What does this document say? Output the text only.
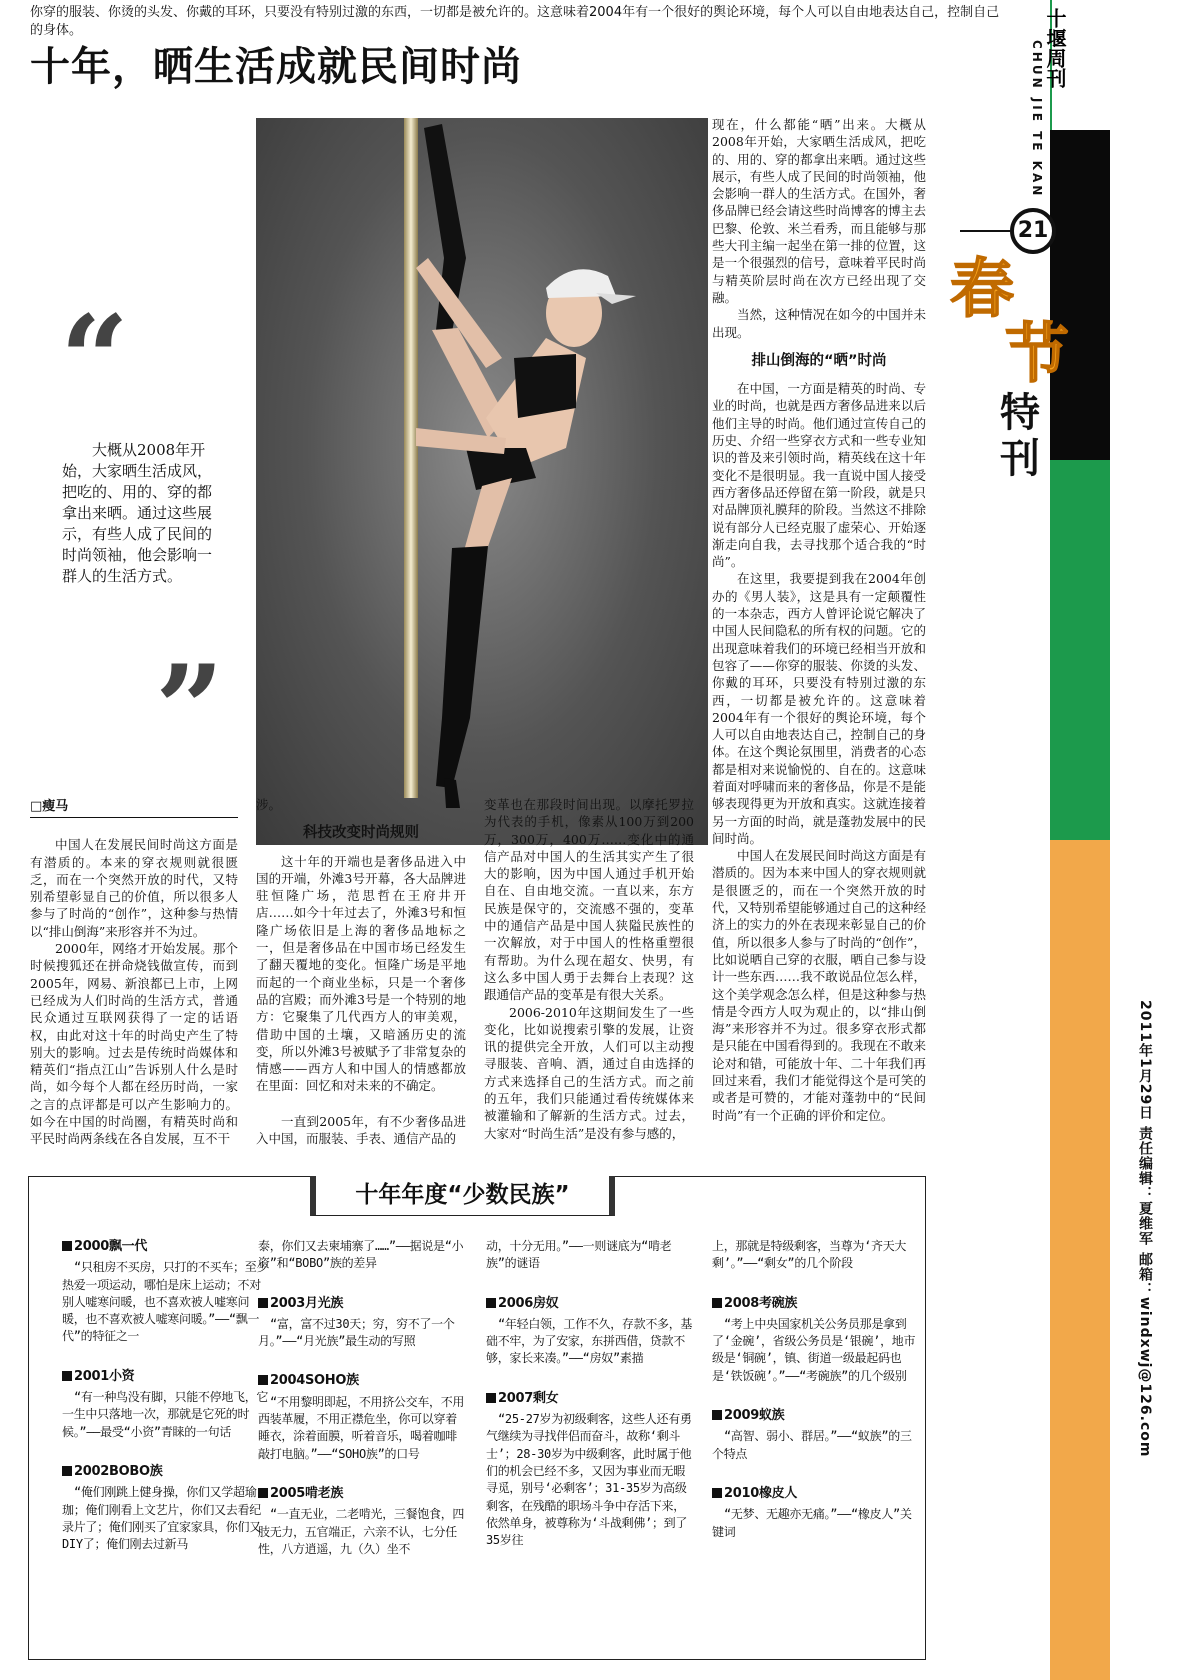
你穿的服装、你烫的头发、你戴的耳环，只要没有特别过激的东西，一切都是被允许的。这意味着2004年有一个很好的舆论环境，每个人可以自由地表达自己，控制自己的身体。
十年，晒生活成就民间时尚
“

大概从2008年开始，大家晒生活成风，把吃的、用的、穿的都拿出来晒。通过这些展示，有些人成了民间的时尚领袖，他会影响一群人的生活方式。

”
□瘦马

中国人在发展民间时尚这方面是有潜质的。本来的穿衣规则就很匮乏，而在一个突然开放的时代，又特别希望彰显自己的价值，所以很多人参与了时尚的“创作”，这种参与热情以“排山倒海”来形容并不为过。

2000年，网络才开始发展。那个时候搜狐还在拼命烧钱做宣传，而到2005年，网易、新浪都已上市，上网已经成为人们时尚的生活方式，普通民众通过互联网获得了一定的话语权，由此对这十年的时尚史产生了特别大的影响。过去是传统时尚媒体和精英们“指点江山”告诉别人什么是时尚，如今每个人都在经历时尚，一家之言的点评都是可以产生影响力的。如今在中国的时尚圈，有精英时尚和平民时尚两条线在各自发展，互不干

涉。

科技改变时尚规则

这十年的开端也是奢侈品进入中国的开端，外滩3号开幕，各大品牌进驻恒隆广场，范思哲在王府井开店……如今十年过去了，外滩3号和恒隆广场依旧是上海的奢侈品地标之一，但是奢侈品在中国市场已经发生了翻天覆地的变化。恒隆广场是平地而起的一个商业坐标，只是一个奢侈品的宫殿；而外滩3号是一个特别的地方：它聚集了几代西方人的审美观，借助中国的土壤，又暗涵历史的流变，所以外滩3号被赋予了非常复杂的情感——西方人和中国人的情感都放在里面：回忆和对未来的不确定。

一直到2005年，有不少奢侈品进入中国，而服装、手表、通信产品的

变革也在那段时间出现。以摩托罗拉为代表的手机，像素从100万到200万，300万，400万……变化中的通信产品对中国人的生活其实产生了很大的影响，因为中国人通过手机开始自在、自由地交流。一直以来，东方民族是保守的，交流感不强的，变革中的通信产品是中国人狭隘民族性的一次解放，对于中国人的性格重塑很有帮助。为什么现在超女、快男，有这么多中国人勇于去舞台上表现？这跟通信产品的变革是有很大关系。

2006-2010年这期间发生了一些变化，比如说搜索引擎的发展，让资讯的提供完全开放，人们可以主动搜寻服装、音响、酒，通过自由选择的方式来选择自己的生活方式。而之前的五年，我们只能通过看传统媒体来被灌输和了解新的生活方式。过去，大家对“时尚生活”是没有参与感的，

现在，什么都能“晒”出来。大概从2008年开始，大家晒生活成风，把吃的、用的、穿的都拿出来晒。通过这些展示，有些人成了民间的时尚领袖，他会影响一群人的生活方式。在国外，奢侈品牌已经会请这些时尚博客的博主去巴黎、伦敦、米兰看秀，而且能够与那些大刊主编一起坐在第一排的位置，这是一个很强烈的信号，意味着平民时尚与精英阶层时尚在次方已经出现了交融。

当然，这种情况在如今的中国并未出现。

排山倒海的“晒”时尚

在中国，一方面是精英的时尚、专业的时尚，也就是西方奢侈品进来以后他们主导的时尚。他们通过宣传自己的历史、介绍一些穿衣方式和一些专业知识的普及来引领时尚，精英线在这十年变化不是很明显。我一直说中国人接受西方奢侈品还停留在第一阶段，就是只对品牌顶礼膜拜的阶段。当然这不排除说有部分人已经克服了虚荣心、开始逐渐走向自我，去寻找那个适合我的“时尚”。

在这里，我要提到我在2004年创办的《男人装》，这是具有一定颠覆性的一本杂志，西方人曾评论说它解决了中国人民间隐私的所有权的问题。它的出现意味着我们的环境已经相当开放和包容了——你穿的服装、你烫的头发、你戴的耳环，只要没有特别过激的东西，一切都是被允许的。这意味着2004年有一个很好的舆论环境，每个人可以自由地表达自己，控制自己的身体。在这个舆论氛围里，消费者的心态都是相对来说愉悦的、自在的。这意味着面对呼啸而来的奢侈品，你是不是能够表现得更为开放和真实。这就连接着另一方面的时尚，就是蓬勃发展中的民间时尚。

中国人在发展民间时尚这方面是有潜质的。因为本来中国人的穿衣规则就是很匮乏的，而在一个突然开放的时代，又特别希望能够通过自己的这种经济上的实力的外在表现来彰显自己的价值，所以很多人参与了时尚的“创作”，比如说晒自己穿的衣服，晒自己参与设计一些东西……我不敢说品位怎么样，这个美学观念怎么样，但是这种参与热情是令西方人叹为观止的，以“排山倒海”来形容并不为过。很多穿衣形式都是只能在中国看得到的。我现在不敢来论对和错，可能放十年、二十年我们再回过来看，我们才能觉得这个是可笑的或者是可赞的，才能对蓬勃中的“民间时尚”有一个正确的评价和定位。

十堰周刊
CHUN JIE TE KAN
21
春
节
特刊
2011年1月29日 责任编辑：夏维军 邮箱：windxwj@126.com
十年年度“少数民族”
2000飘一代

“只租房不买房，只打的不买车；至少热爱一项运动，哪怕是床上运动；不对别人嘘寒问暖，也不喜欢被人嘘寒问暖，也不喜欢被人嘘寒问暖。”——“飘一代”的特征之一

2001小资

“有一种鸟没有脚，只能不停地飞，它一生中只落地一次，那就是它死的时候。”——最受“小资”青睐的一句话

2002BOBO族

“俺们刚跳上健身操，你们又学超瑜珈；俺们刚看上文艺片，你们又去看纪录片了；俺们刚买了宜家家具，你们又DIY了；俺们刚去过新马

泰，你们又去柬埔寨了……”——据说是“小资”和“BOBO”族的差异

2003月光族

“富，富不过30天；穷，穷不了一个月。”——“月光族”最生动的写照

2004SOHO族

“不用黎明即起，不用挤公交车，不用西装革履，不用正襟危坐，你可以穿着睡衣，涂着面膜，听着音乐，喝着咖啡敲打电脑。”——“SOHO族”的口号

2005啃老族

“一直无业，二老啃光，三餐饱食，四肢无力，五官端正，六亲不认，七分任性，八方逍遥，九（久）坐不

动，十分无用。”——一则谜底为“啃老族”的谜语

2006房奴

“年轻白领，工作不久，存款不多，基础不牢，为了安家，东拼西借，贷款不够，家长来凑。”——“房奴”素描

2007剩女

“25-27岁为初级剩客，这些人还有勇气继续为寻找伴侣而奋斗，故称‘剩斗士’；28-30岁为中级剩客，此时属于他们的机会已经不多，又因为事业而无暇寻觅，别号‘必剩客’；31-35岁为高级剩客，在残酷的职场斗争中存活下来，依然单身，被尊称为‘斗战剩佛’；到了35岁往

上，那就是特级剩客，当尊为‘齐天大剩’。”——“剩女”的几个阶段

2008考碗族

“考上中央国家机关公务员那是拿到了‘金碗’，省级公务员是‘银碗’，地市级是‘铜碗’，镇、街道一级最起码也是‘铁饭碗’。”——“考碗族”的几个级别

2009蚁族

“高智、弱小、群居。”——“蚁族”的三个特点

2010橡皮人

“无梦、无趣亦无痛。”——“橡皮人”关键词
